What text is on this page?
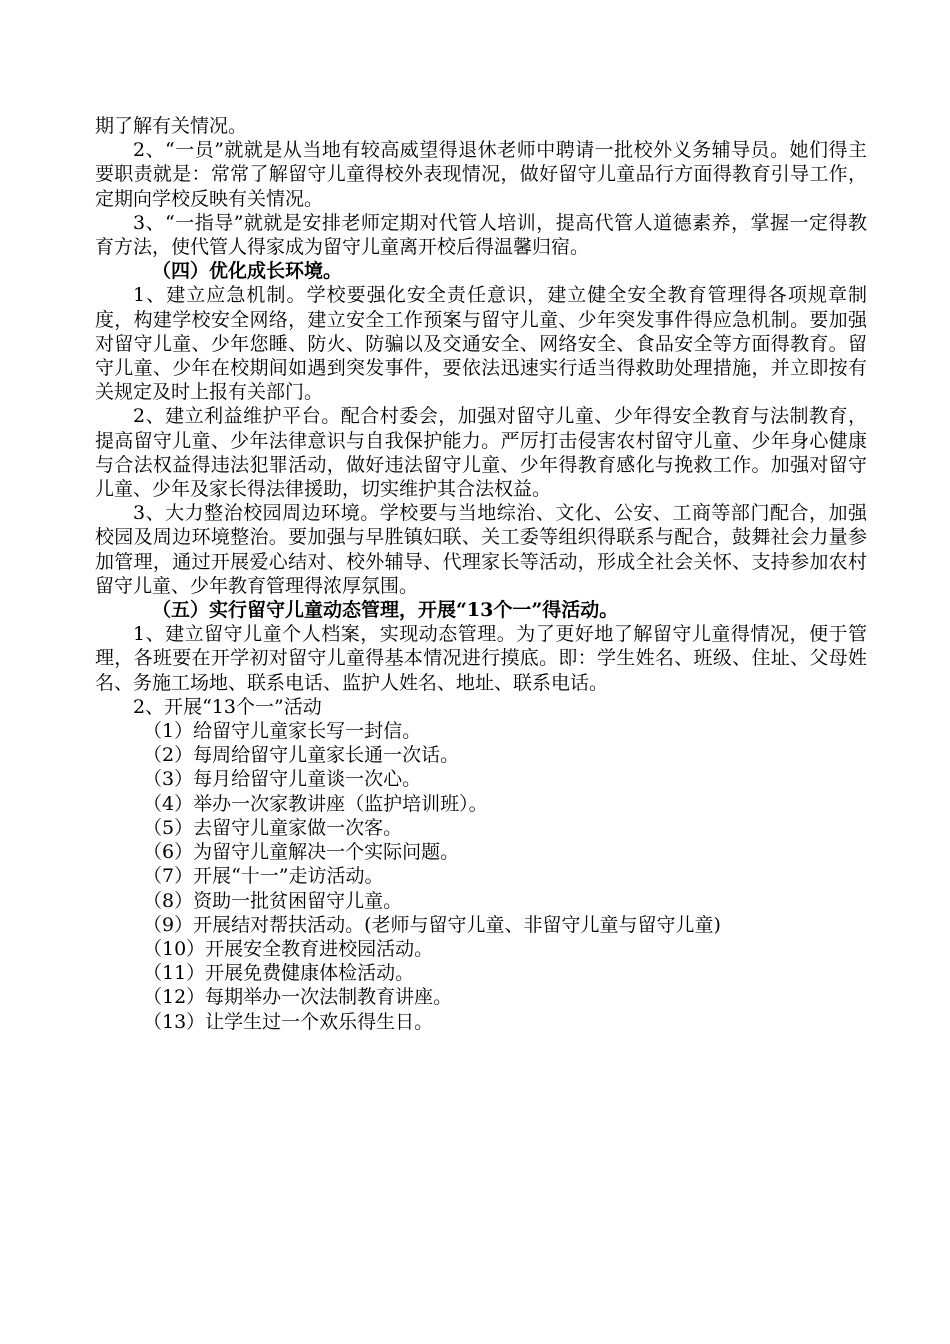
期了解有关情况。

2、“一员”就就是从当地有较高威望得退休老师中聘请一批校外义务辅导员。她们得主要职责就是：常常了解留守儿童得校外表现情况，做好留守儿童品行方面得教育引导工作，定期向学校反映有关情况。

3、“一指导”就就是安排老师定期对代管人培训，提高代管人道德素养，掌握一定得教育方法，使代管人得家成为留守儿童离开校后得温馨归宿。

（四）优化成长环境。

1、建立应急机制。学校要强化安全责任意识，建立健全安全教育管理得各项规章制度，构建学校安全网络，建立安全工作预案与留守儿童、少年突发事件得应急机制。要加强对留守儿童、少年您睡、防火、防骗以及交通安全、网络安全、食品安全等方面得教育。留守儿童、少年在校期间如遇到突发事件，要依法迅速实行适当得救助处理措施，并立即按有关规定及时上报有关部门。

2、建立利益维护平台。配合村委会，加强对留守儿童、少年得安全教育与法制教育，提高留守儿童、少年法律意识与自我保护能力。严厉打击侵害农村留守儿童、少年身心健康与合法权益得违法犯罪活动，做好违法留守儿童、少年得教育感化与挽救工作。加强对留守儿童、少年及家长得法律援助，切实维护其合法权益。

3、大力整治校园周边环境。学校要与当地综治、文化、公安、工商等部门配合，加强校园及周边环境整治。要加强与早胜镇妇联、关工委等组织得联系与配合，鼓舞社会力量参加管理，通过开展爱心结对、校外辅导、代理家长等活动，形成全社会关怀、支持参加农村留守儿童、少年教育管理得浓厚氛围。

（五）实行留守儿童动态管理，开展“13个一”得活动。

1、建立留守儿童个人档案，实现动态管理。为了更好地了解留守儿童得情况，便于管理，各班要在开学初对留守儿童得基本情况进行摸底。即：学生姓名、班级、住址、父母姓名、务施工场地、联系电话、监护人姓名、地址、联系电话。

2、开展“13个一”活动

（1）给留守儿童家长写一封信。

（2）每周给留守儿童家长通一次话。

（3）每月给留守儿童谈一次心。

（4）举办一次家教讲座（监护培训班）。

（5）去留守儿童家做一次客。

（6）为留守儿童解决一个实际问题。

（7）开展“十一”走访活动。

（8）资助一批贫困留守儿童。

（9）开展结对帮扶活动。(老师与留守儿童、非留守儿童与留守儿童)

（10）开展安全教育进校园活动。

（11）开展免费健康体检活动。

（12）每期举办一次法制教育讲座。

（13）让学生过一个欢乐得生日。
